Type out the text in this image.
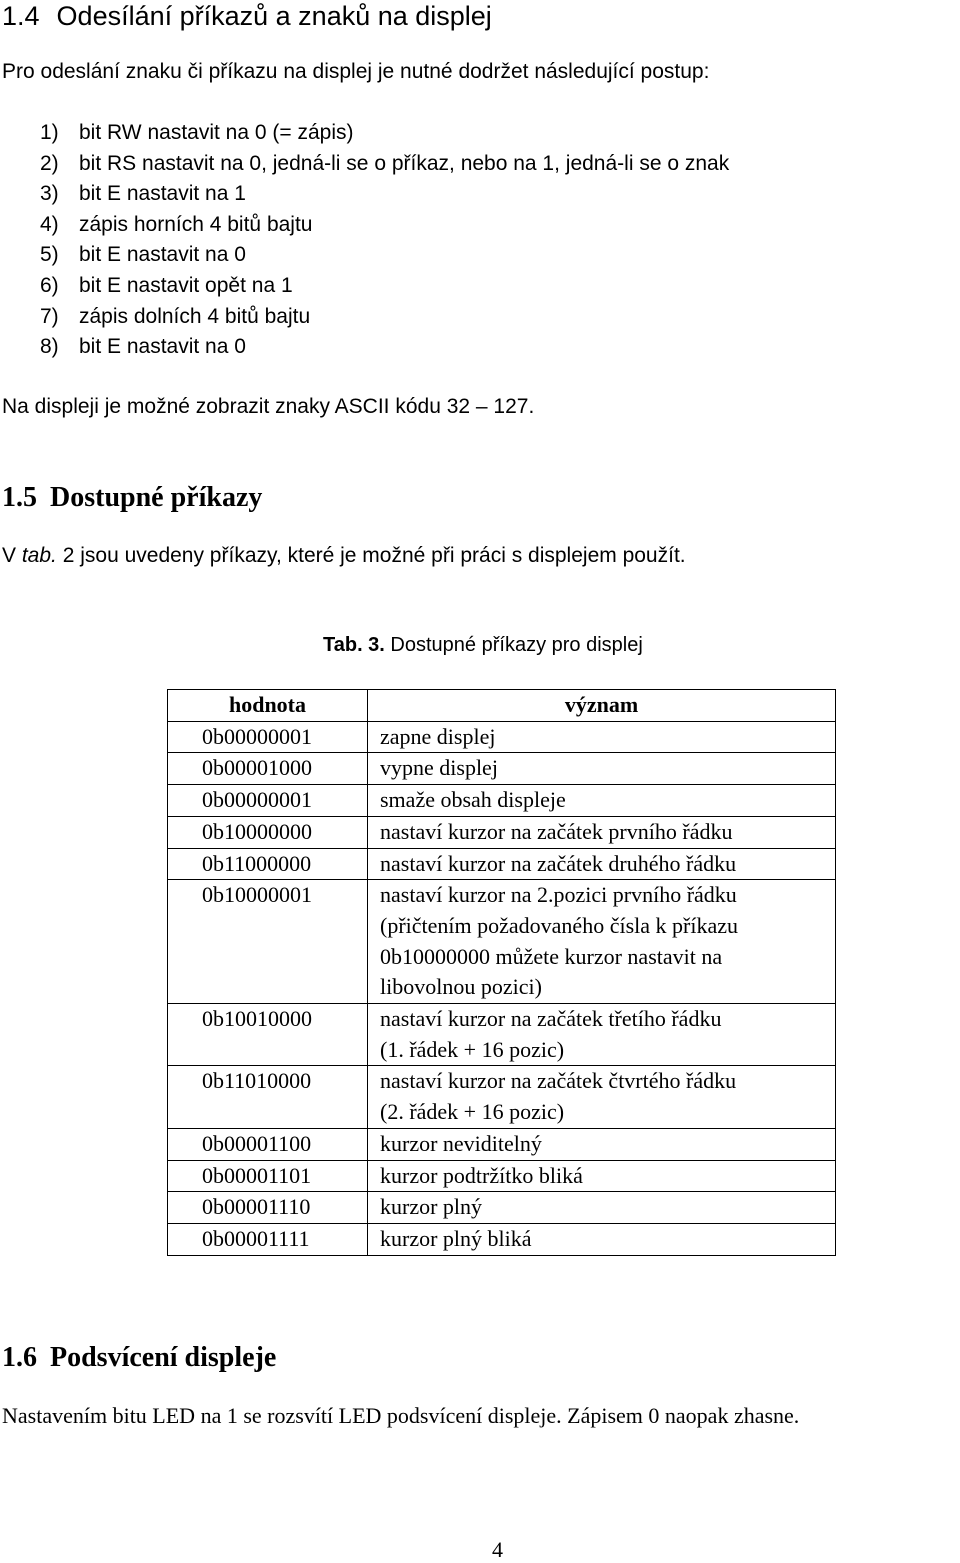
1.4 Odesílání příkazů a znaků na displej
Pro odeslání znaku či příkazu na displej je nutné dodržet následující postup:
1) bit RW nastavit na 0 (= zápis)
2) bit RS nastavit na 0, jedná-li se o příkaz, nebo na 1, jedná-li se o znak
3) bit E nastavit na 1
4) zápis horních 4 bitů bajtu
5) bit E nastavit na 0
6) bit E nastavit opět na 1
7) zápis dolních 4 bitů bajtu
8) bit E nastavit na 0
Na displeji je možné zobrazit znaky ASCII kódu 32 – 127.
1.5 Dostupné příkazy
V tab. 2 jsou uvedeny příkazy, které je možné při práci s displejem použít.
Tab. 3. Dostupné příkazy pro displej
hodnota	význam
0b00000001	zapne displej

0b00001000	vypne displej

0b00000001	smaže obsah displeje

0b10000000	nastaví kurzor na začátek prvního řádku

0b11000000	nastaví kurzor na začátek druhého řádku

0b10000001	nastaví kurzor na 2.pozici prvního řádku
(přičtením požadovaného čísla k příkazu
0b10000000 můžete kurzor nastavit na
libovolnou pozici)

0b10010000	nastaví kurzor na začátek třetího řádku
(1. řádek + 16 pozic)

0b11010000	nastaví kurzor na začátek čtvrtého řádku
(2. řádek + 16 pozic)

0b00001100	kurzor neviditelný

0b00001101	kurzor podtržítko bliká

0b00001110	kurzor plný

0b00001111	kurzor plný bliká
1.6 Podsvícení displeje
Nastavením bitu LED na 1 se rozsvítí LED podsvícení displeje. Zápisem 0 naopak zhasne.
4
